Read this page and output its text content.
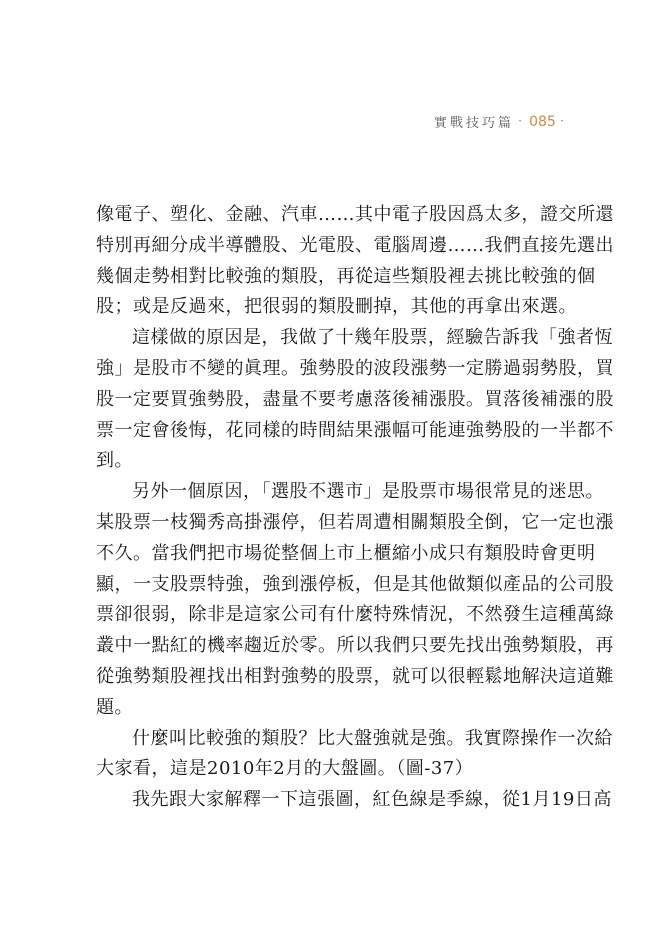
實戰技巧篇 · 085 ·
像電子、塑化、金融、汽車……其中電子股因爲太多，證交所還
特別再細分成半導體股、光電股、電腦周邊……我們直接先選出
幾個走勢相對比較強的類股，再從這些類股裡去挑比較強的個
股；或是反過來，把很弱的類股刪掉，其他的再拿出來選。
這樣做的原因是，我做了十幾年股票，經驗告訴我「強者恆
強」是股市不變的眞理。強勢股的波段漲勢一定勝過弱勢股，買
股一定要買強勢股，盡量不要考慮落後補漲股。買落後補漲的股
票一定會後悔，花同樣的時間結果漲幅可能連強勢股的一半都不
到。
另外一個原因，「選股不選市」是股票市場很常見的迷思。
某股票一枝獨秀高掛漲停，但若周遭相關類股全倒，它一定也漲
不久。當我們把市場從整個上市上櫃縮小成只有類股時會更明
顯，一支股票特強，強到漲停板，但是其他做類似產品的公司股
票卻很弱，除非是這家公司有什麼特殊情況，不然發生這種萬綠
叢中一點紅的機率趨近於零。所以我們只要先找出強勢類股，再
從強勢類股裡找出相對強勢的股票，就可以很輕鬆地解決這道難
題。
什麼叫比較強的類股？比大盤強就是強。我實際操作一次給
大家看，這是2010年2月的大盤圖。（圖-37）
我先跟大家解釋一下這張圖，紅色線是季線，從1月19日高
